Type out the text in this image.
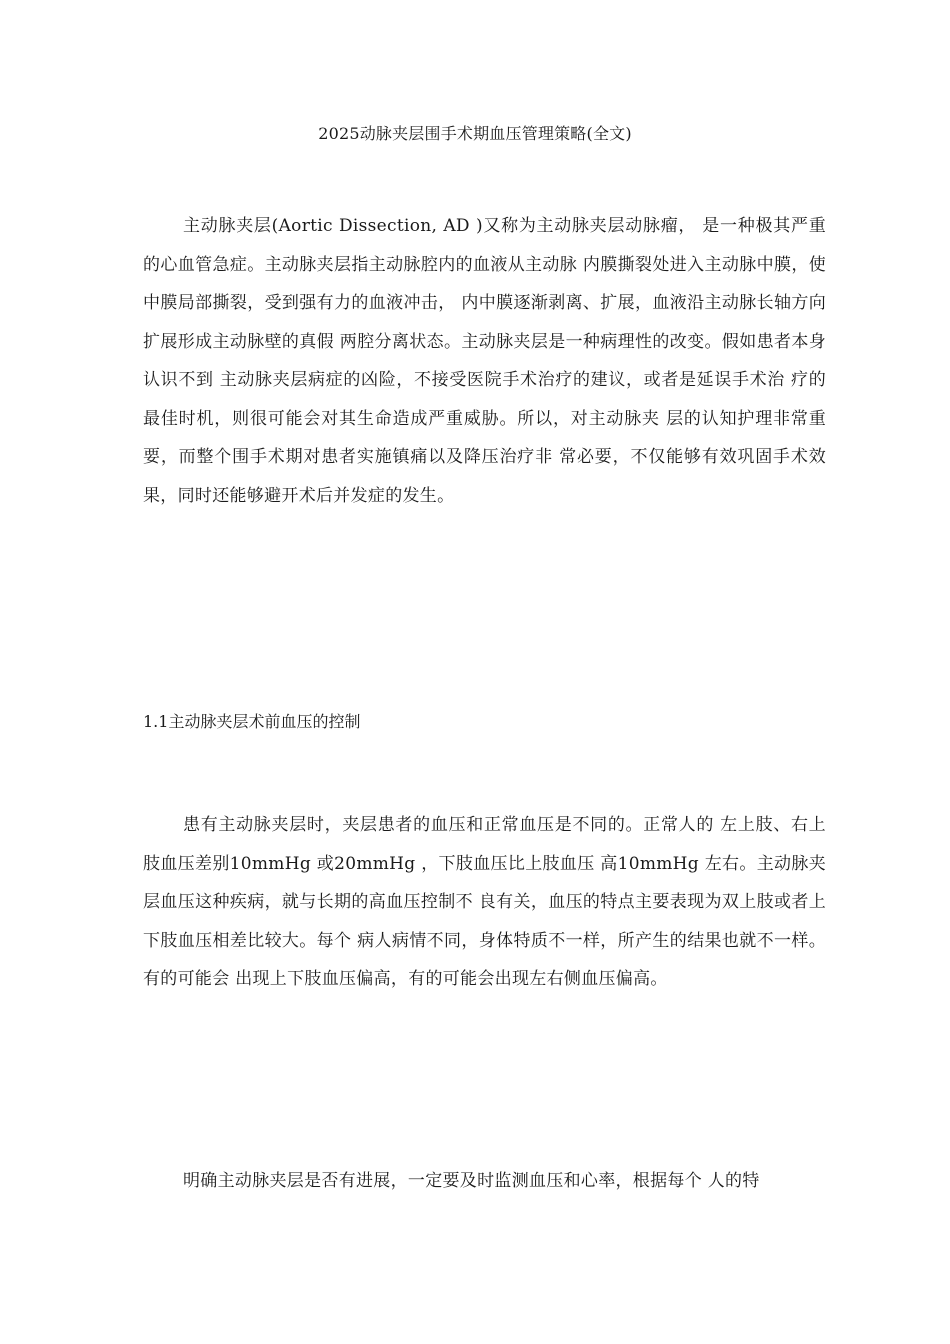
2025动脉夹层围手术期血压管理策略(全文)

主动脉夹层(Aortic Dissection, AD )又称为主动脉夹层动脉瘤， 是一种极其严重的心血管急症。主动脉夹层指主动脉腔内的血液从主动脉 内膜撕裂处进入主动脉中膜，使中膜局部撕裂，受到强有力的血液冲击， 内中膜逐渐剥离、扩展，血液沿主动脉长轴方向扩展形成主动脉壁的真假 两腔分离状态。主动脉夹层是一种病理性的改变。假如患者本身认识不到 主动脉夹层病症的凶险，不接受医院手术治疗的建议，或者是延误手术治 疗的最佳时机，则很可能会对其生命造成严重威胁。所以，对主动脉夹 层的认知护理非常重要，而整个围手术期对患者实施镇痛以及降压治疗非 常必要，不仅能够有效巩固手术效果，同时还能够避开术后并发症的发生。

1.1主动脉夹层术前血压的控制

患有主动脉夹层时，夹层患者的血压和正常血压是不同的。正常人的 左上肢、右上肢血压差别10mmHg 或20mmHg ，下肢血压比上肢血压 高10mmHg 左右。主动脉夹层血压这种疾病，就与长期的高血压控制不 良有关，血压的特点主要表现为双上肢或者上下肢血压相差比较大。每个 病人病情不同，身体特质不一样，所产生的结果也就不一样。有的可能会 出现上下肢血压偏高，有的可能会出现左右侧血压偏高。

明确主动脉夹层是否有进展，一定要及时监测血压和心率，根据每个 人的特
